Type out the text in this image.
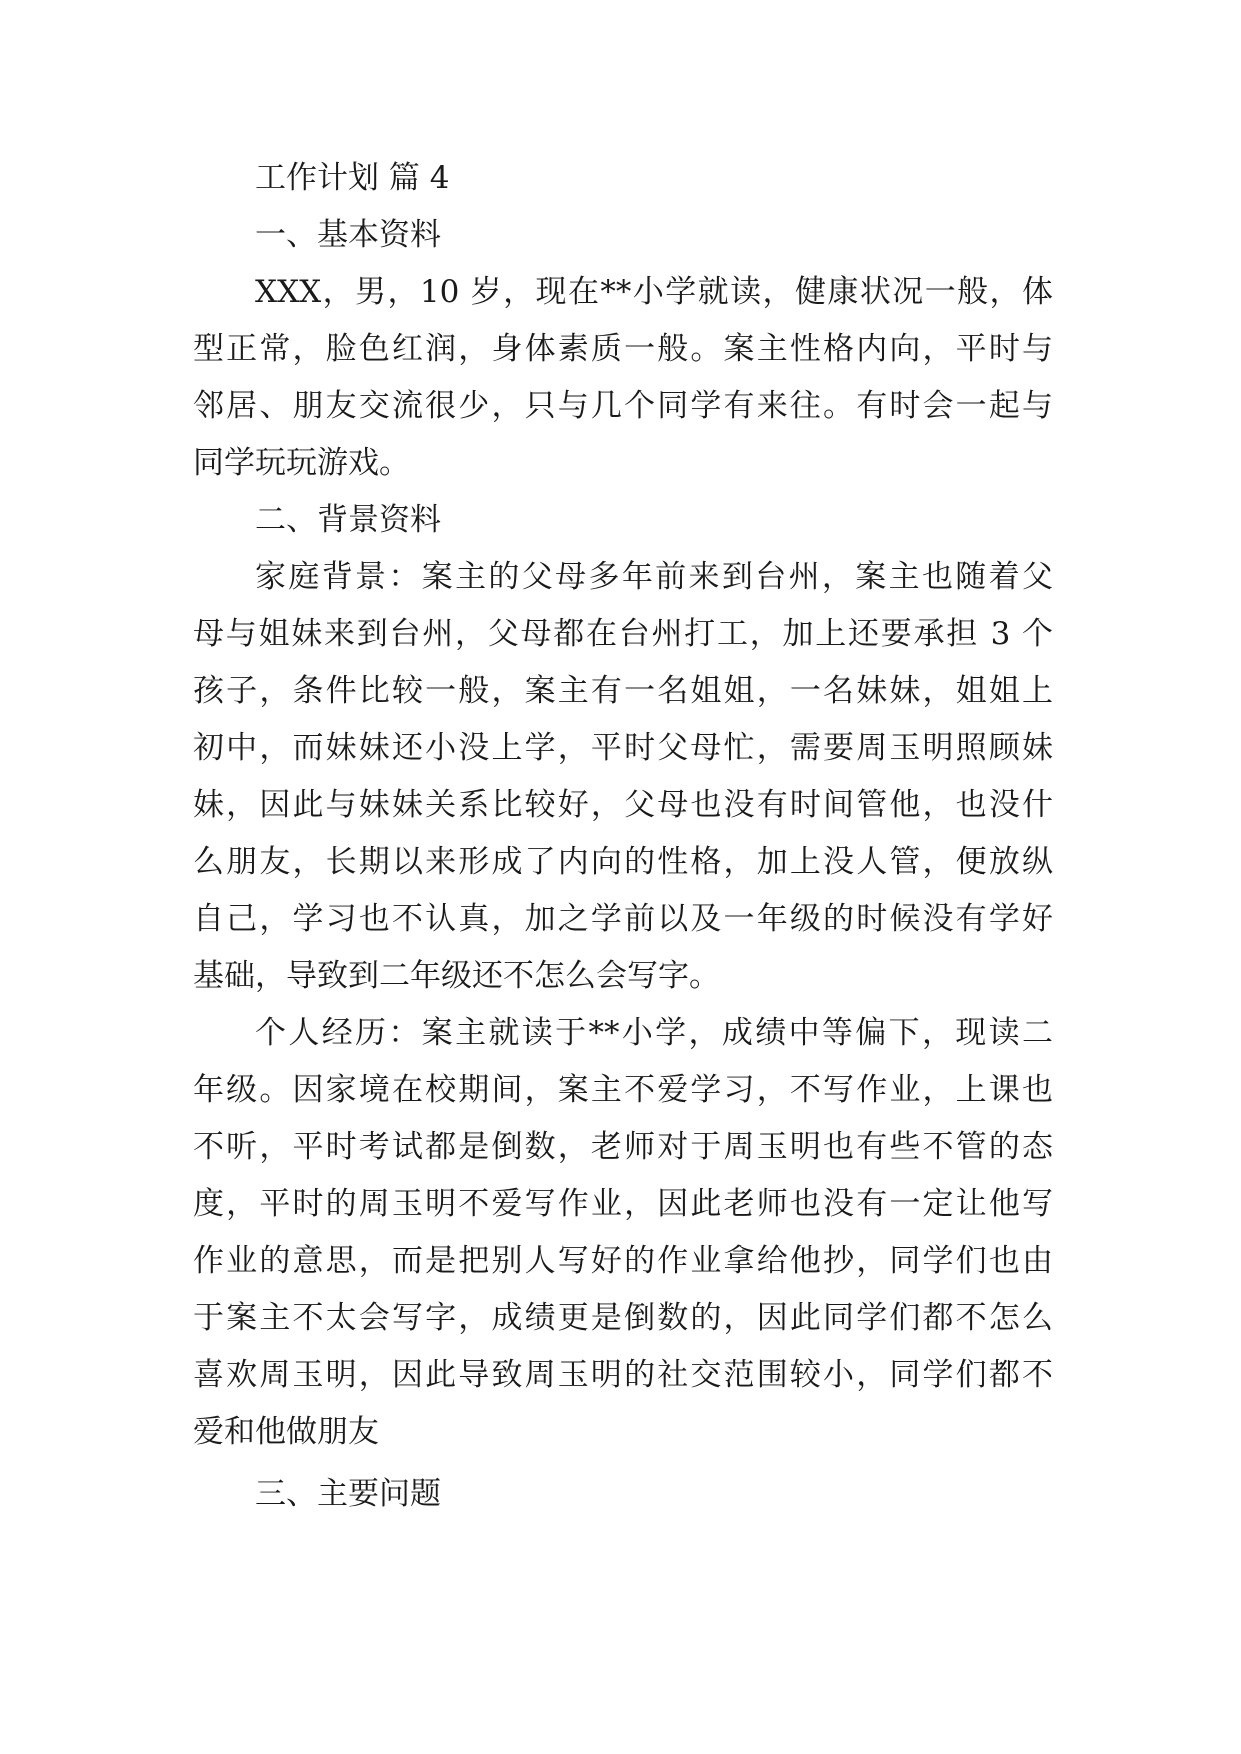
工作计划 篇 4
一、基本资料
XXX，男，10 岁，现在**小学就读，健康状况一般，体
型正常，脸色红润，身体素质一般。案主性格内向，平时与
邻居、朋友交流很少，只与几个同学有来往。有时会一起与
同学玩玩游戏。
二、背景资料
家庭背景：案主的父母多年前来到台州，案主也随着父
母与姐妹来到台州，父母都在台州打工，加上还要承担 3 个
孩子，条件比较一般，案主有一名姐姐，一名妹妹，姐姐上
初中，而妹妹还小没上学，平时父母忙，需要周玉明照顾妹
妹，因此与妹妹关系比较好，父母也没有时间管他，也没什
么朋友，长期以来形成了内向的性格，加上没人管，便放纵
自己，学习也不认真，加之学前以及一年级的时候没有学好
基础，导致到二年级还不怎么会写字。
个人经历：案主就读于**小学，成绩中等偏下，现读二
年级。因家境在校期间，案主不爱学习，不写作业，上课也
不听，平时考试都是倒数，老师对于周玉明也有些不管的态
度，平时的周玉明不爱写作业，因此老师也没有一定让他写
作业的意思，而是把别人写好的作业拿给他抄，同学们也由
于案主不太会写字，成绩更是倒数的，因此同学们都不怎么
喜欢周玉明，因此导致周玉明的社交范围较小，同学们都不
爱和他做朋友
三、主要问题
